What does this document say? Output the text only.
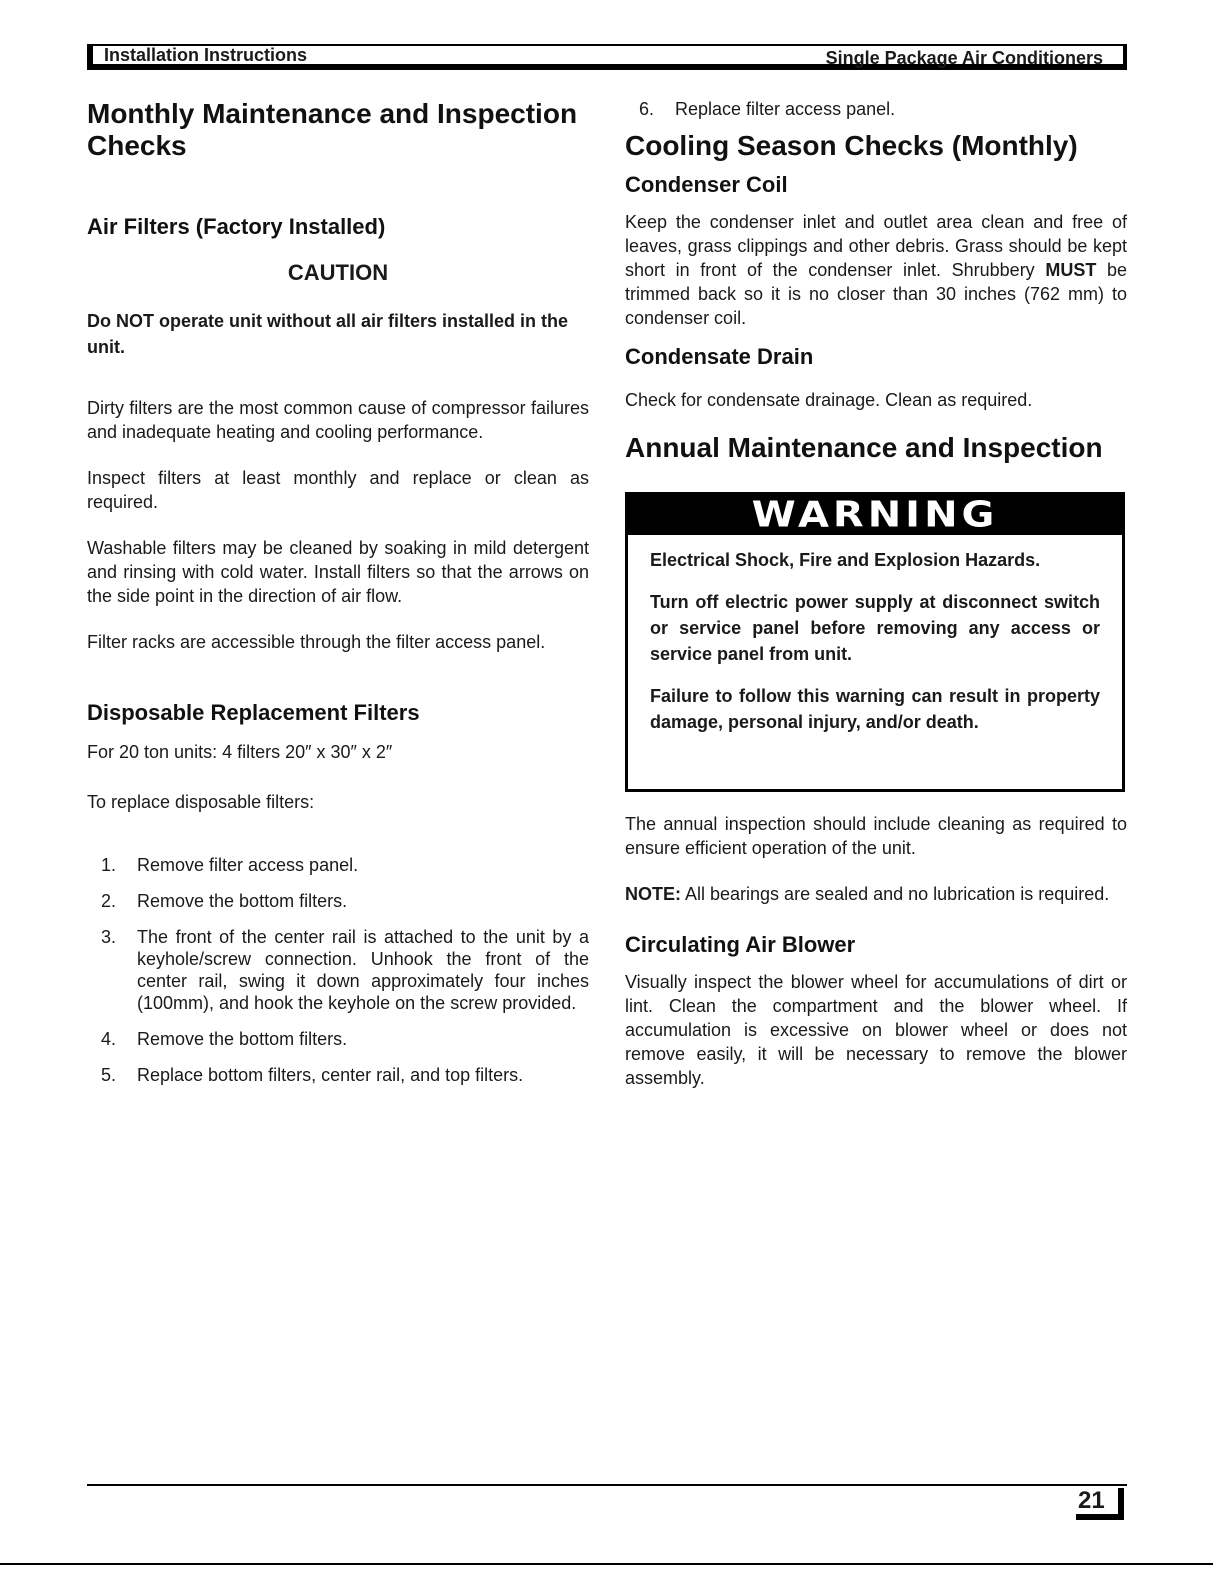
Installation Instructions	Single Package Air Conditioners
Monthly Maintenance and Inspection Checks
Air Filters (Factory Installed)

CAUTION

Do NOT operate unit without all air filters installed in the unit.

Dirty filters are the most common cause of compressor failures and inadequate heating and cooling performance.

Inspect filters at least monthly and replace or clean as required.

Washable filters may be cleaned by soaking in mild detergent and rinsing with cold water. Install filters so that the arrows on the side point in the direction of air flow.

Filter racks are accessible through the filter access panel.

Disposable Replacement Filters

For 20 ton units: 4 filters 20″ x 30″ x 2″

To replace disposable filters:

1. Remove filter access panel.
2. Remove the bottom filters.
3. The front of the center rail is attached to the unit by a keyhole/screw connection. Unhook the front of the center rail, swing it down approximately four inches (100mm), and hook the keyhole on the screw provided.
4. Remove the bottom filters.
5. Replace bottom filters, center rail, and top filters.
6. Replace filter access panel.
Cooling Season Checks (Monthly)
Condenser Coil

Keep the condenser inlet and outlet area clean and free of leaves, grass clippings and other debris. Grass should be kept short in front of the condenser inlet. Shrubbery MUST be trimmed back so it is no closer than 30 inches (762 mm) to condenser coil.

Condensate Drain

Check for condensate drainage. Clean as required.

Annual Maintenance and Inspection
WARNING

Electrical Shock, Fire and Explosion Hazards.

Turn off electric power supply at disconnect switch or service panel before removing any access or service panel from unit.

Failure to follow this warning can result in property damage, personal injury, and/or death.

The annual inspection should include cleaning as required to ensure efficient operation of the unit.

NOTE: All bearings are sealed and no lubrication is required.

Circulating Air Blower

Visually inspect the blower wheel for accumulations of dirt or lint. Clean the compartment and the blower wheel. If accumulation is excessive on blower wheel or does not remove easily, it will be necessary to remove the blower assembly.

21
